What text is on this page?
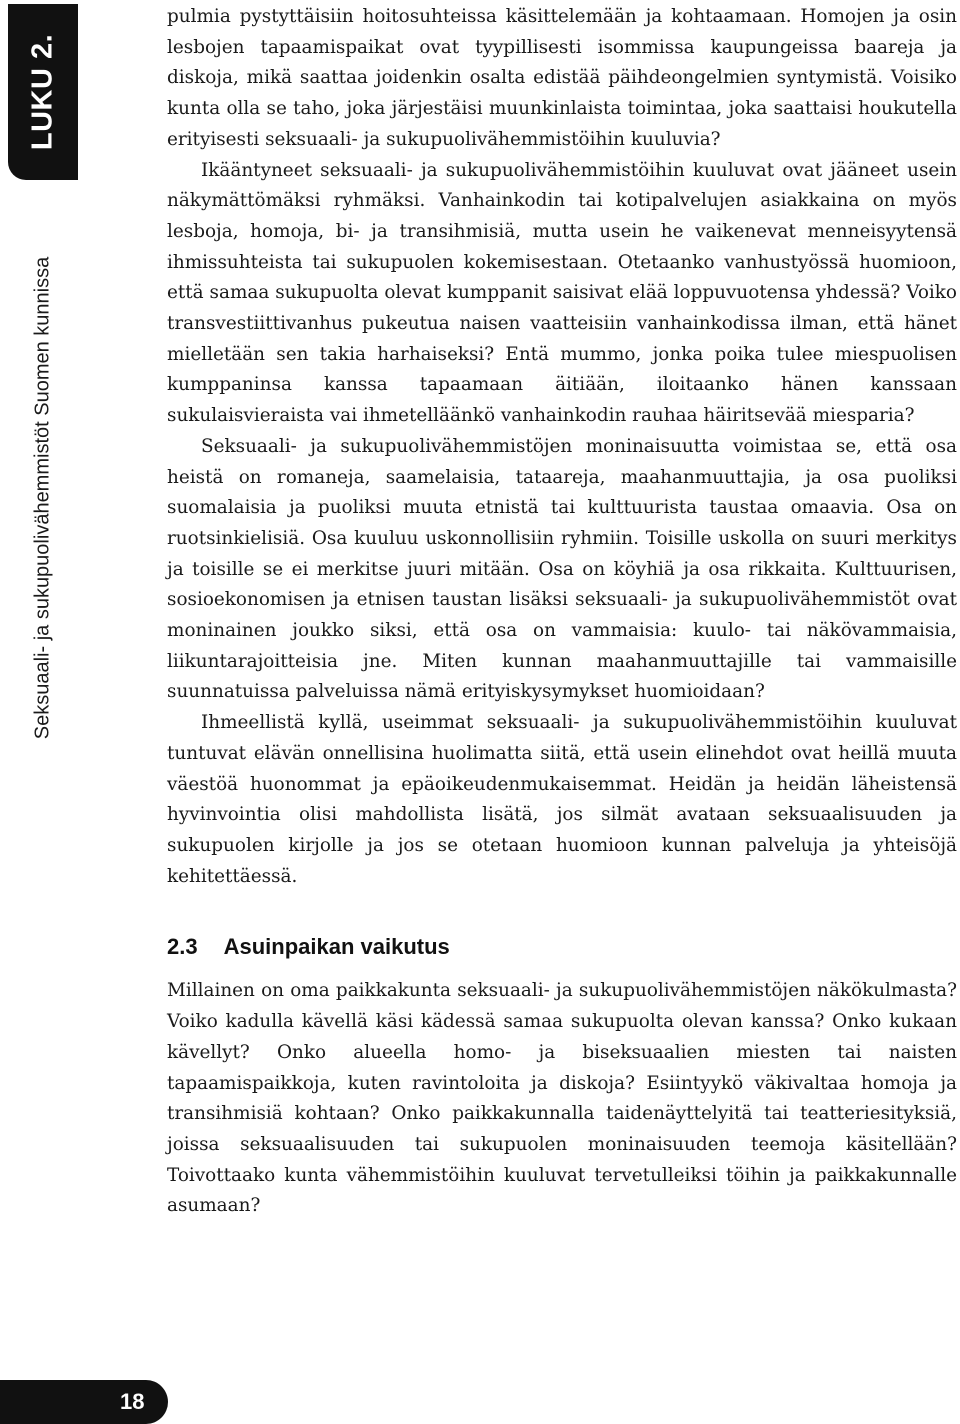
LUKU 2.
Seksuaali- ja sukupuolivähemmistöt Suomen kunnissa

pulmia pystyttäisiin hoitosuhteissa käsittelemään ja kohtaamaan. Homojen ja osin lesbojen tapaamispaikat ovat tyypillisesti isommissa kaupungeissa baareja ja diskoja, mikä saattaa joidenkin osalta edistää päihdeongelmien syntymistä. Voisiko kunta olla se taho, joka järjestäisi muunkinlaista toimintaa, joka saattaisi houkutella erityisesti seksuaali- ja sukupuolivähemmistöihin kuuluvia?

Ikääntyneet seksuaali- ja sukupuolivähemmistöihin kuuluvat ovat jääneet usein näkymättömäksi ryhmäksi. Vanhainkodin tai kotipalvelujen asiakkaina on myös lesboja, homoja, bi- ja transihmisiä, mutta usein he vaikenevat menneisyytensä ihmissuhteista tai sukupuolen kokemisestaan. Otetaanko vanhustyössä huomioon, että samaa sukupuolta olevat kumppanit saisivat elää loppuvuotensa yhdessä? Voiko transvestiittivanhus pukeutua naisen vaatteisiin vanhainkodissa ilman, että hänet mielletään sen takia harhaiseksi? Entä mummo, jonka poika tulee miespuolisen kumppaninsa kanssa tapaamaan äitiään, iloitaanko hänen kanssaan sukulaisvieraista vai ihmetelläänkö vanhainkodin rauhaa häiritsevää miesparia?

Seksuaali- ja sukupuolivähemmistöjen moninaisuutta voimistaa se, että osa heistä on romaneja, saamelaisia, tataareja, maahanmuuttajia, ja osa puoliksi suomalaisia ja puoliksi muuta etnistä tai kulttuurista taustaa omaavia. Osa on ruotsinkielisiä. Osa kuuluu uskonnollisiin ryhmiin. Toisille uskolla on suuri merkitys ja toisille se ei merkitse juuri mitään. Osa on köyhiä ja osa rikkaita. Kulttuurisen, sosioekonomisen ja etnisen taustan lisäksi seksuaali- ja sukupuolivähemmistöt ovat moninainen joukko siksi, että osa on vammaisia: kuulo- tai näkövammaisia, liikuntarajoitteisia jne. Miten kunnan maahanmuuttajille tai vammaisille suunnatuissa palveluissa nämä erityiskysymykset huomioidaan?

Ihmeellistä kyllä, useimmat seksuaali- ja sukupuolivähemmistöihin kuuluvat tuntuvat elävän onnellisina huolimatta siitä, että usein elinehdot ovat heillä muuta väestöä huonommat ja epäoikeudenmukaisemmat. Heidän ja heidän läheistensä hyvinvointia olisi mahdollista lisätä, jos silmät avataan seksuaalisuuden ja sukupuolen kirjolle ja jos se otetaan huomioon kunnan palveluja ja yhteisöjä kehitettäessä.

2.3 Asuinpaikan vaikutus

Millainen on oma paikkakunta seksuaali- ja sukupuolivähemmistöjen näkökulmasta? Voiko kadulla kävellä käsi kädessä samaa sukupuolta olevan kanssa? Onko kukaan kävellyt? Onko alueella homo- ja biseksuaalien miesten tai naisten tapaamispaikkoja, kuten ravintoloita ja diskoja? Esiintyykö väkivaltaa homoja ja transihmisiä kohtaan? Onko paikkakunnalla taidenäyttelyitä tai teatteriesityksiä, joissa seksuaalisuuden tai sukupuolen moninaisuuden teemoja käsitellään? Toivottaako kunta vähemmistöihin kuuluvat tervetulleiksi töihin ja paikkakunnalle asumaan?

18
